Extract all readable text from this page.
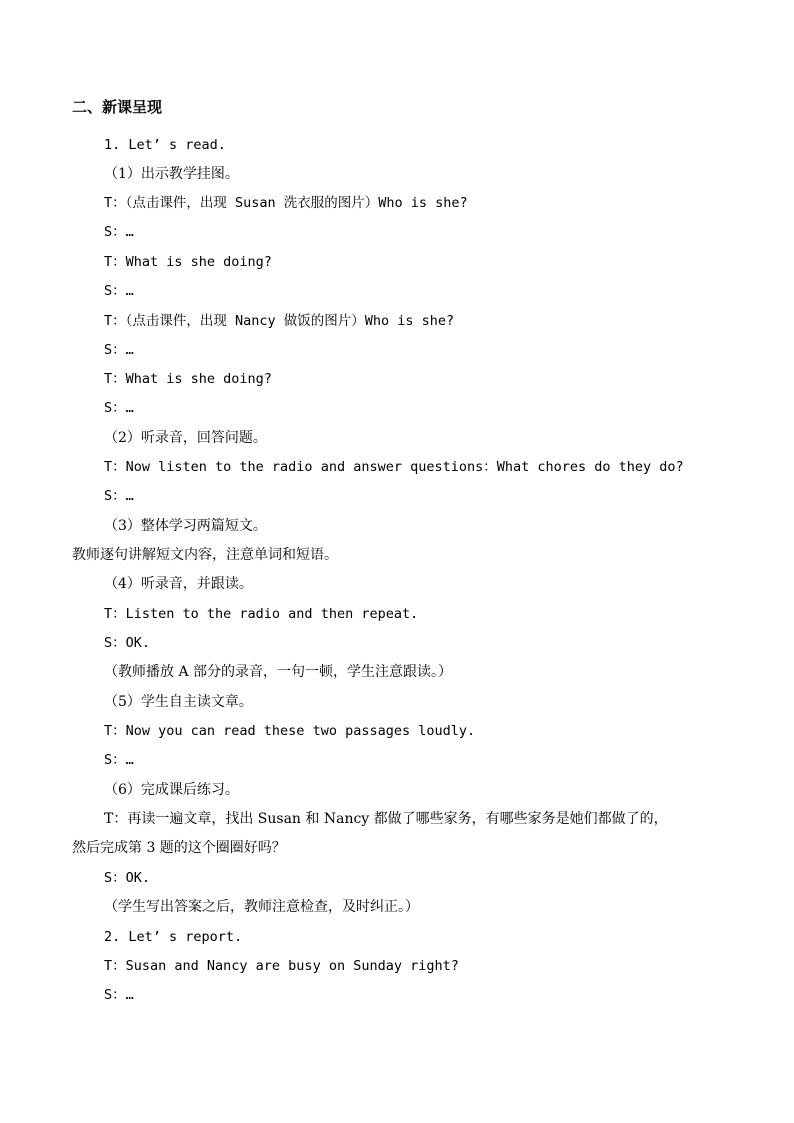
二、新课呈现
1. Let’ s read.
（1）出示教学挂图。
T：（点击课件，出现 Susan 洗衣服的图片）Who is she?
S：…
T：What is she doing?
S：…
T：（点击课件，出现 Nancy 做饭的图片）Who is she?
S：…
T：What is she doing?
S：…
（2）听录音，回答问题。
T：Now listen to the radio and answer questions：What chores do they do?
S：…
（3）整体学习两篇短文。
教师逐句讲解短文内容，注意单词和短语。
（4）听录音，并跟读。
T：Listen to the radio and then repeat.
S：OK.
（教师播放 A 部分的录音，一句一顿，学生注意跟读。）
（5）学生自主读文章。
T：Now you can read these two passages loudly.
S：…
（6）完成课后练习。
T：再读一遍文章，找出 Susan 和 Nancy 都做了哪些家务，有哪些家务是她们都做了的，
然后完成第 3 题的这个圈圈好吗？
S：OK.
（学生写出答案之后，教师注意检查，及时纠正。）
2. Let’ s report.
T：Susan and Nancy are busy on Sunday right?
S：…
